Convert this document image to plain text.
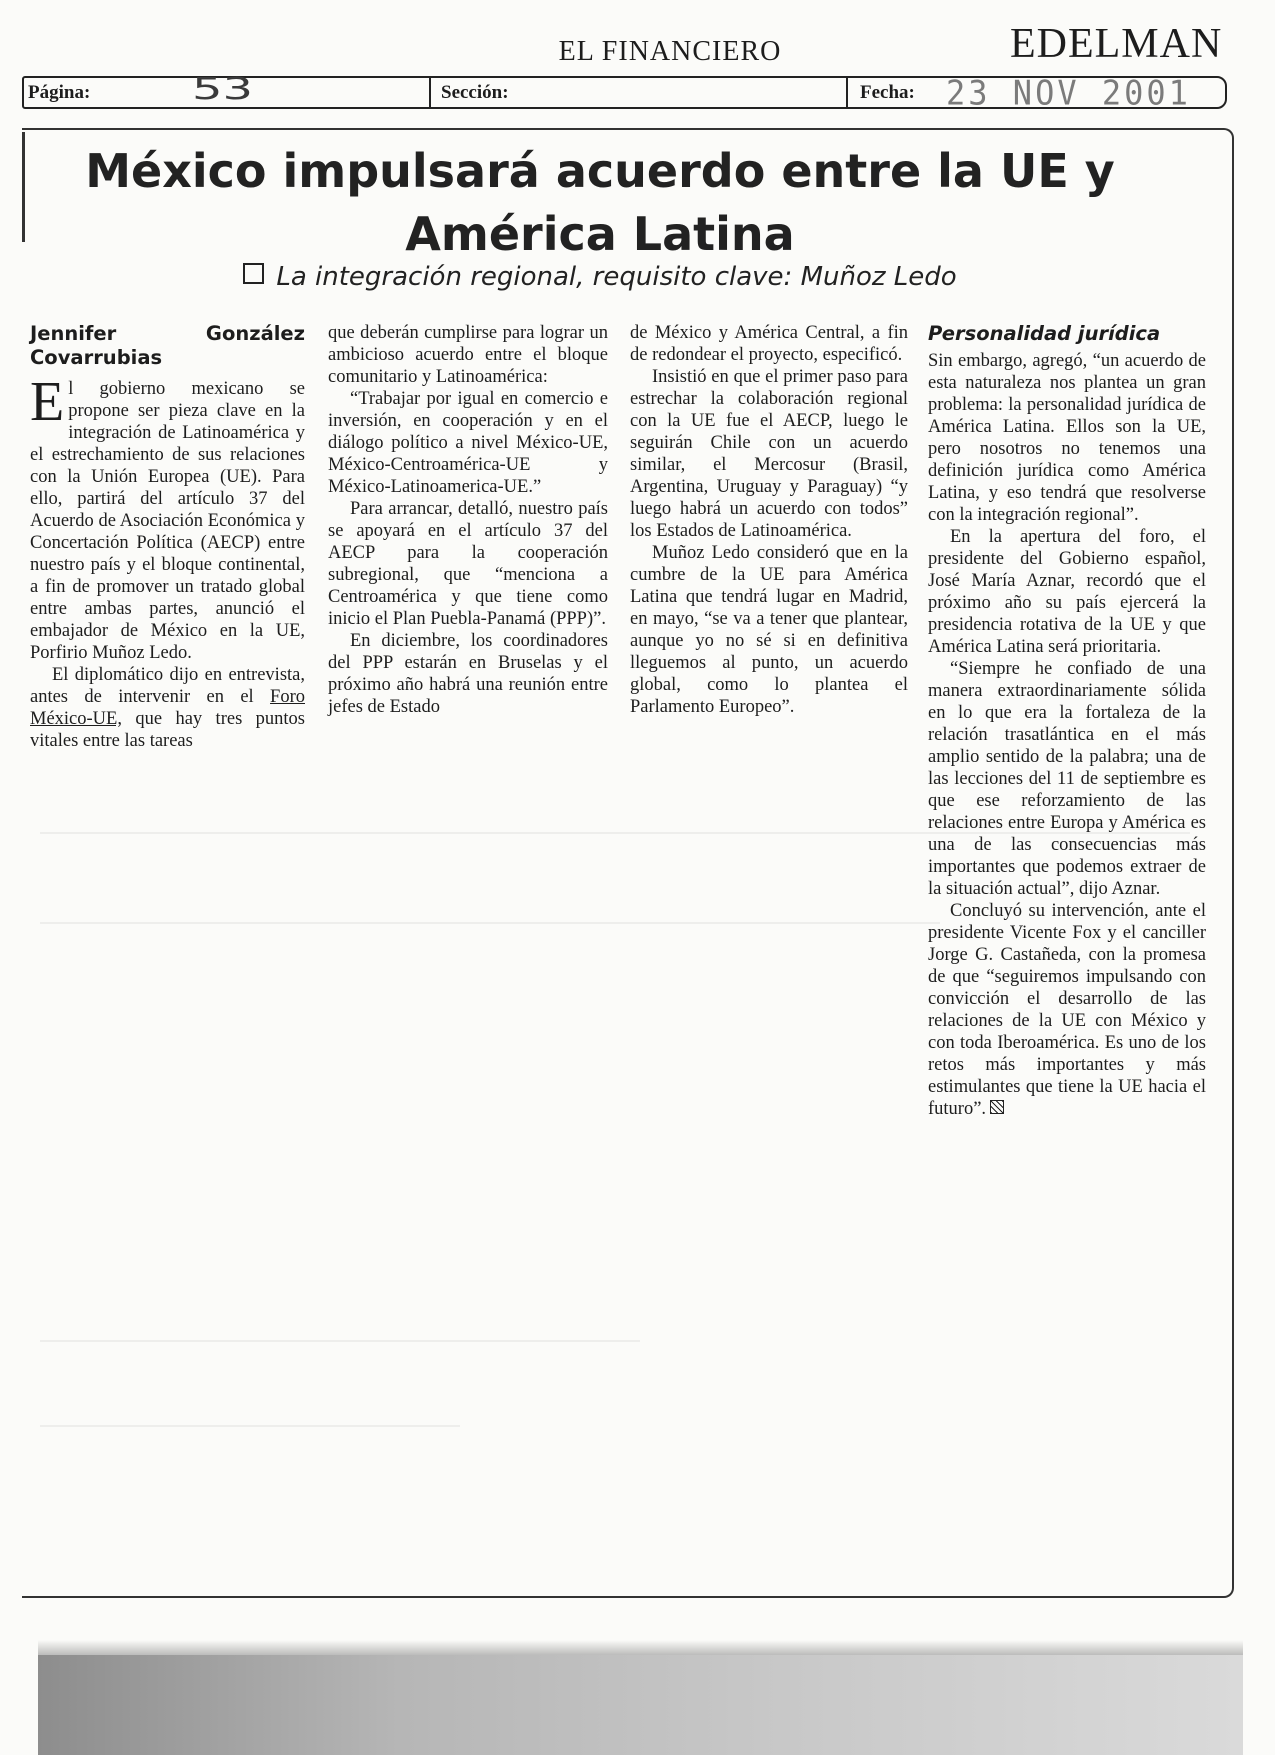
EL FINANCIERO	EDELMAN
Página:	53	Sección:	Fecha: 23 NOV 2001
México impulsará acuerdo entre la UE y América Latina
La integración regional, requisito clave: Muñoz Ledo
Jennifer González Covarrubias

El gobierno mexicano se propone ser pieza clave en la integración de Latinoamérica y el estrechamiento de sus relaciones con la Unión Europea (UE). Para ello, partirá del artículo 37 del Acuerdo de Asociación Económica y Concertación Política (AECP) entre nuestro país y el bloque continental, a fin de promover un tratado global entre ambas partes, anunció el embajador de México en la UE, Porfirio Muñoz Ledo.

El diplomático dijo en entrevista, antes de intervenir en el Foro México-UE, que hay tres puntos vitales entre las tareas

que deberán cumplirse para lograr un ambicioso acuerdo entre el bloque comunitario y Latinoamérica:

“Trabajar por igual en comercio e inversión, en cooperación y en el diálogo político a nivel México-UE, México-Centroamérica-UE y México-Latinoamerica-UE.”

Para arrancar, detalló, nuestro país se apoyará en el artículo 37 del AECP para la cooperación subregional, que “menciona a Centroamérica y que tiene como inicio el Plan Puebla-Panamá (PPP)”.

En diciembre, los coordinadores del PPP estarán en Bruselas y el próximo año habrá una reunión entre jefes de Estado

de México y América Central, a fin de redondear el proyecto, especificó.

Insistió en que el primer paso para estrechar la colaboración regional con la UE fue el AECP, luego le seguirán Chile con un acuerdo similar, el Mercosur (Brasil, Argentina, Uruguay y Paraguay) “y luego habrá un acuerdo con todos” los Estados de Latinoamérica.

Muñoz Ledo consideró que en la cumbre de la UE para América Latina que tendrá lugar en Madrid, en mayo, “se va a tener que plantear, aunque yo no sé si en definitiva lleguemos al punto, un acuerdo global, como lo plantea el Parlamento Europeo”.

Personalidad jurídica

Sin embargo, agregó, “un acuerdo de esta naturaleza nos plantea un gran problema: la personalidad jurídica de América Latina. Ellos son la UE, pero nosotros no tenemos una definición jurídica como América Latina, y eso tendrá que resolverse con la integración regional”.

En la apertura del foro, el presidente del Gobierno español, José María Aznar, recordó que el próximo año su país ejercerá la presidencia rotativa de la UE y que América Latina será prioritaria.

“Siempre he confiado de una manera extraordinariamente sólida en lo que era la fortaleza de la relación trasatlántica en el más amplio sentido de la palabra; una de las lecciones del 11 de septiembre es que ese reforzamiento de las relaciones entre Europa y América es una de las consecuencias más importantes que podemos extraer de la situación actual”, dijo Aznar.

Concluyó su intervención, ante el presidente Vicente Fox y el canciller Jorge G. Castañeda, con la promesa de que “seguiremos impulsando con convicción el desarrollo de las relaciones de la UE con México y con toda Iberoamérica. Es uno de los retos más importantes y más estimulantes que tiene la UE hacia el futuro”.
